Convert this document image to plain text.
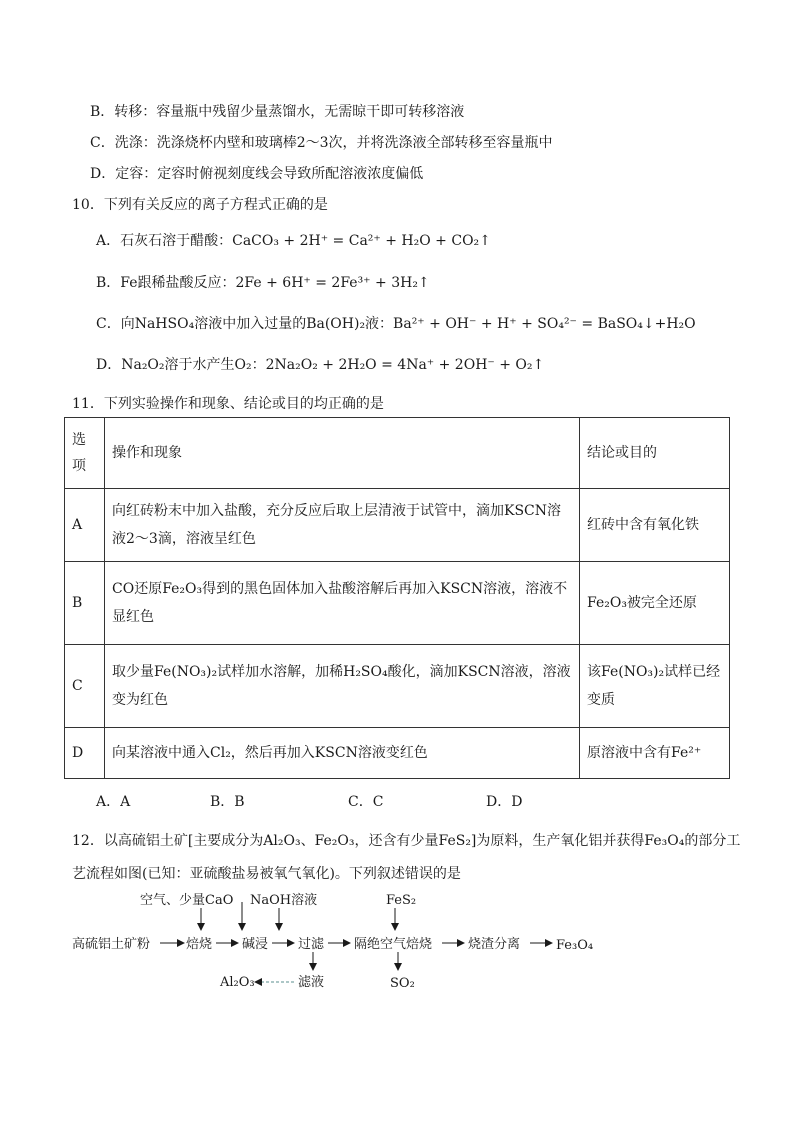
B．转移：容量瓶中残留少量蒸馏水，无需晾干即可转移溶液
C．洗涤：洗涤烧杯内壁和玻璃棒2～3次，并将洗涤液全部转移至容量瓶中
D．定容：定容时俯视刻度线会导致所配溶液浓度偏低
10．下列有关反应的离子方程式正确的是
A．石灰石溶于醋酸：CaCO₃ + 2H⁺ = Ca²⁺ + H₂O + CO₂↑
B．Fe跟稀盐酸反应：2Fe + 6H⁺ = 2Fe³⁺ + 3H₂↑
C．向NaHSO₄溶液中加入过量的Ba(OH)₂液：Ba²⁺ + OH⁻ + H⁺ + SO₄²⁻ = BaSO₄↓+H₂O
D．Na₂O₂溶于水产生O₂：2Na₂O₂ + 2H₂O = 4Na⁺ + 2OH⁻ + O₂↑
11．下列实验操作和现象、结论或目的均正确的是
选项	操作和现象	结论或目的
A	向红砖粉末中加入盐酸，充分反应后取上层清液于试管中，滴加KSCN溶液2～3滴，溶液呈红色	红砖中含有氧化铁
B	CO还原Fe₂O₃得到的黑色固体加入盐酸溶解后再加入KSCN溶液，溶液不显红色	Fe₂O₃被完全还原
C	取少量Fe(NO₃)₂试样加水溶解，加稀H₂SO₄酸化，滴加KSCN溶液，溶液变为红色	该Fe(NO₃)₂试样已经变质
D	向某溶液中通入Cl₂，然后再加入KSCN溶液变红色	原溶液中含有Fe²⁺
A．A	B．B	C．C	D．D
12．以高硫铝土矿[主要成分为Al₂O₃、Fe₂O₃，还含有少量FeS₂]为原料，生产氧化铝并获得Fe₃O₄的部分工
艺流程如图(已知：亚硫酸盐易被氧气氧化)。下列叙述错误的是
空气、少量CaO NaOH溶液	FeS₂
高硫铝土矿粉	焙烧 碱浸 过滤 隔绝空气焙烧	烧渣分离	Fe₃O₄
滤液	SO₂
Al₂O₃
